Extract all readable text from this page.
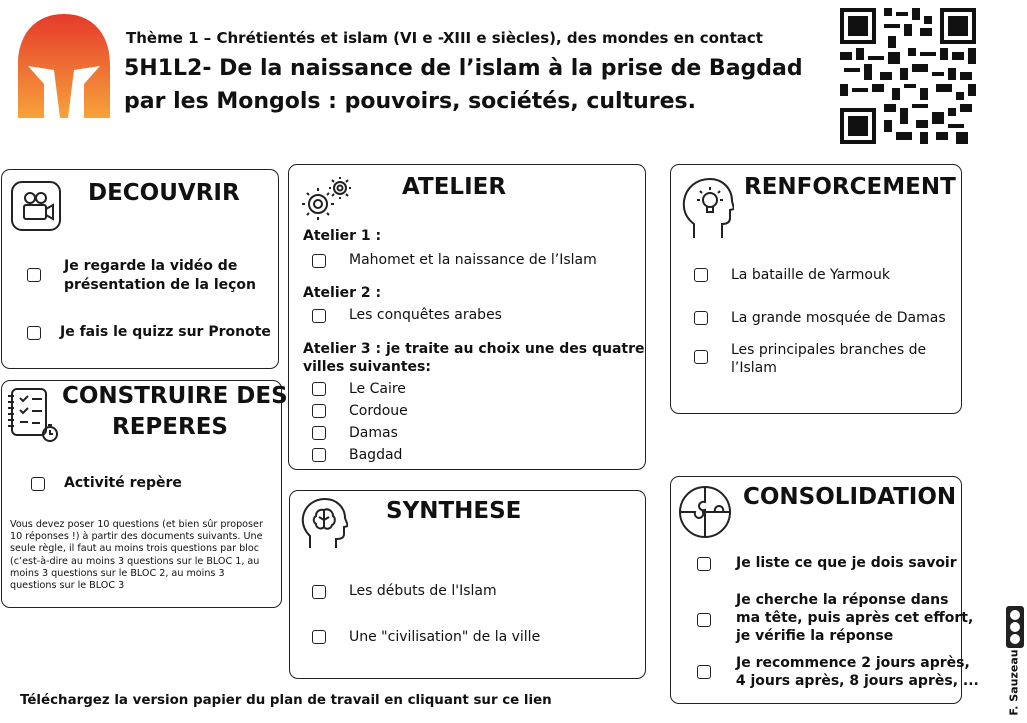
Thème 1 – Chrétientés et islam (VI e -XIII e siècles), des mondes en contact
5H1L2- De la naissance de l’islam à la prise de Bagdad
par les Mongols : pouvoirs, sociétés, cultures.
DECOUVRIR
Je regarde la vidéo de
présentation de la leçon
Je fais le quizz sur Pronote
CONSTRUIRE DES
REPERES
Activité repère
Vous devez poser 10 questions (et bien sûr proposer
10 réponses !) à partir des documents suivants. Une
seule règle, il faut au moins trois questions par bloc
(c’est-à-dire au moins 3 questions sur le BLOC 1, au
moins 3 questions sur le BLOC 2, au moins 3
questions sur le BLOC 3
ATELIER
Atelier 1 :
Mahomet et la naissance de l’Islam
Atelier 2 :
Les conquêtes arabes
Atelier 3 : je traite au choix une des quatre
villes suivantes:
Le Caire
Cordoue
Damas
Bagdad
SYNTHESE
Les débuts de l'Islam
Une "civilisation" de la ville
RENFORCEMENT
La bataille de Yarmouk
La grande mosquée de Damas
Les principales branches de
l’Islam
CONSOLIDATION
Je liste ce que je dois savoir
Je cherche la réponse dans
ma tête, puis après cet effort,
je vérifie la réponse
Je recommence 2 jours après,
4 jours après, 8 jours après, ...
Téléchargez la version papier du plan de travail en cliquant sur ce lien	F. Sauzeau
